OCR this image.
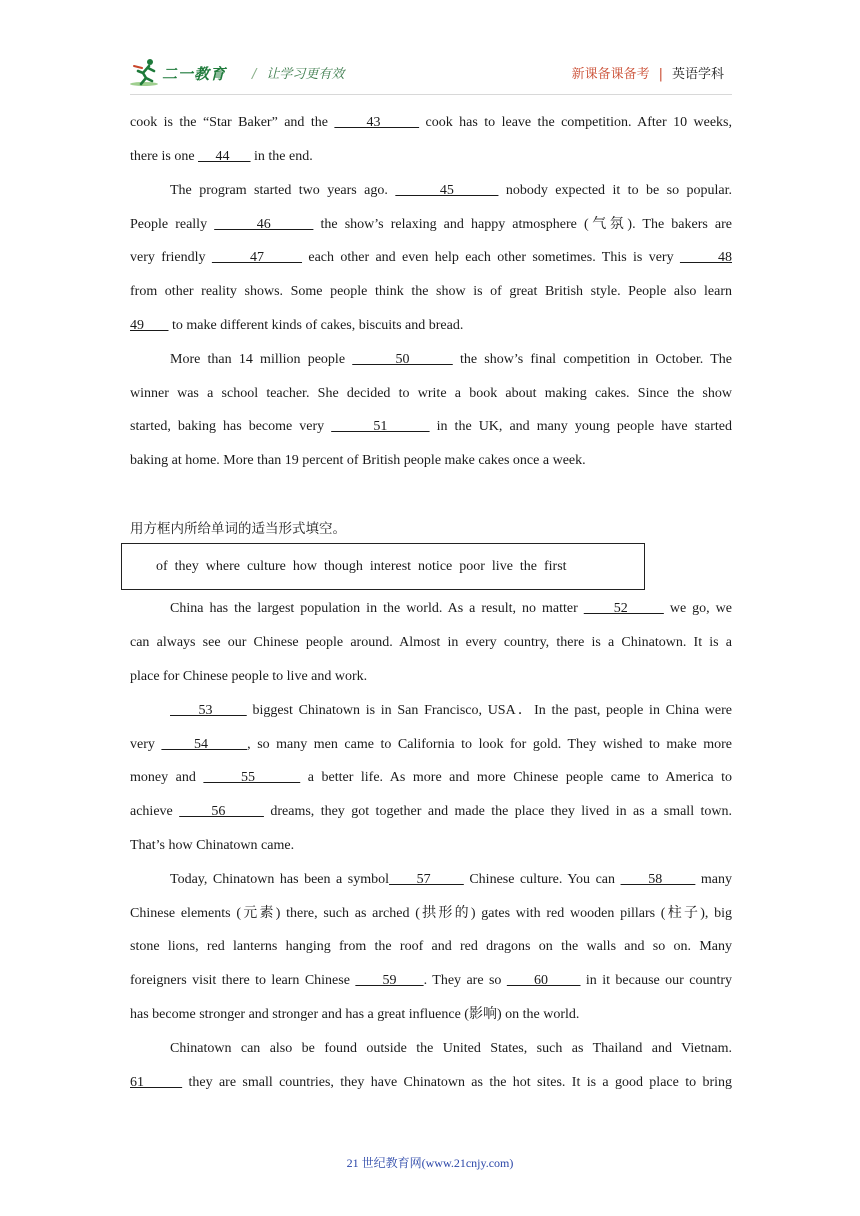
二一教育 / 让学习更有效	新课备课备考 | 英语学科
cook is the “Star Baker” and the      43       cook has to leave the competition. After 10 weeks,
there is one      44       in the end.
The program started two years ago.       45       nobody expected it to be so popular.
People really       46       the show’s relaxing and happy atmosphere (气氛). The bakers are
very friendly       47       each other and even help each other sometimes. This is very       48
from other reality shows. Some people think the show is of great British style. People also learn
49        to make different kinds of cakes, biscuits and bread.
More than 14 million people       50       the show’s final competition in October. The
winner was a school teacher. She decided to write a book about making cakes. Since the show
started, baking has become very       51       in the UK, and many young people have started
baking at home. More than 19 percent of British people make cakes once a week.
用方框内所给单词的适当形式填空。
of  they  where  culture  how  though  interest  notice  poor  live  the  first
China has the largest population in the world. As a result, no matter      52       we go, we
can always see our Chinese people around. Almost in every country, there is a Chinatown. It is a
place for Chinese people to live and work.
53       biggest Chinatown is in San Francisco, USA．In the past, people in China were
very      54      , so many men came to California to look for gold. They wished to make more
money and      55       a better life. As more and more Chinese people came to America to
achieve      56       dreams, they got together and made the place they lived in as a small town.
That’s how Chinatown came.
Today, Chinatown has been a symbol     57       Chinese culture. You can      58       many
Chinese elements (元素) there, such as arched (拱形的) gates with red wooden pillars (柱子), big
stone lions, red lanterns hanging from the roof and red dragons on the walls and so on. Many
foreigners visit there to learn Chinese      59     . They are so      60       in it because our country
has become stronger and stronger and has a great influence (影响) on the world.
Chinatown can also be found outside the United States, such as Thailand and Vietnam.
61       they are small countries, they have Chinatown as the hot sites. It is a good place to bring
21 世纪教育网(www.21cnjy.com)
